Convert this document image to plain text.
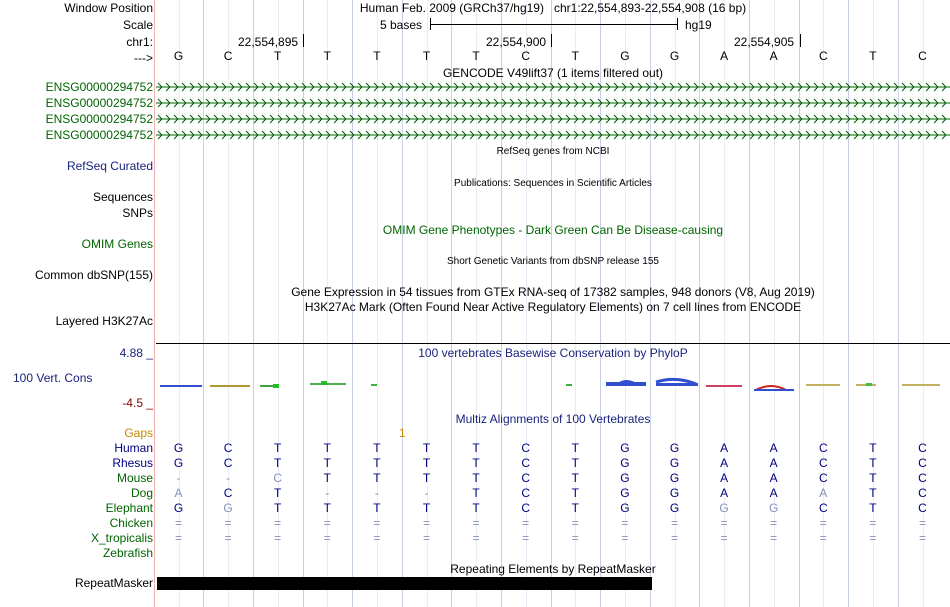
Window Position	Human Feb. 2009 (GRCh37/hg19)   chr1:22,554,893-22,554,908 (16 bp)
Scale	5 bases	hg19
chr1:	22,554,895	22,554,900	22,554,905
--->	G	C	T	T	T	T	T	C	T	G	G	A	A	C	T	C
GENCODE V49lift37 (1 items filtered out)
ENSG00000294752
ENSG00000294752
ENSG00000294752
ENSG00000294752
RefSeq Curated
RefSeq genes from NCBI
Publications: Sequences in Scientific Articles
Sequences
SNPs
OMIM Gene Phenotypes - Dark Green Can Be Disease-causing
OMIM Genes
Short Genetic Variants from dbSNP release 155
Common dbSNP(155)
Gene Expression in 54 tissues from GTEx RNA-seq of 17382 samples, 948 donors (V8, Aug 2019)
H3K27Ac Mark (Often Found Near Active Regulatory Elements) on 7 cell lines from ENCODE
Layered H3K27Ac
4.88 _	100 vertebrates Basewise Conservation by PhyloP
100 Vert. Cons
-4.5 _
Multiz Alignments of 100 Vertebrates
Gaps	1
Human	G	C	T	T	T	T	T	C	T	G	G	A	A	C	T	C
Rhesus	G	C	T	T	T	T	T	C	T	G	G	A	A	C	T	C
Mouse	-	-	C	T	T	T	T	C	T	G	G	A	A	C	T	C
Dog	A	C	T	-	-	-	T	C	T	G	G	A	A	A	T	C
Elephant	G	G	T	T	T	T	T	C	T	G	G	G	G	C	T	C
Chicken	=	=	=	=	=	=	=	=	=	=	=	=	=	=	=	=
X_tropicalis	=	=	=	=	=	=	=	=	=	=	=	=	=	=	=	=
Zebrafish
Repeating Elements by RepeatMasker
RepeatMasker
